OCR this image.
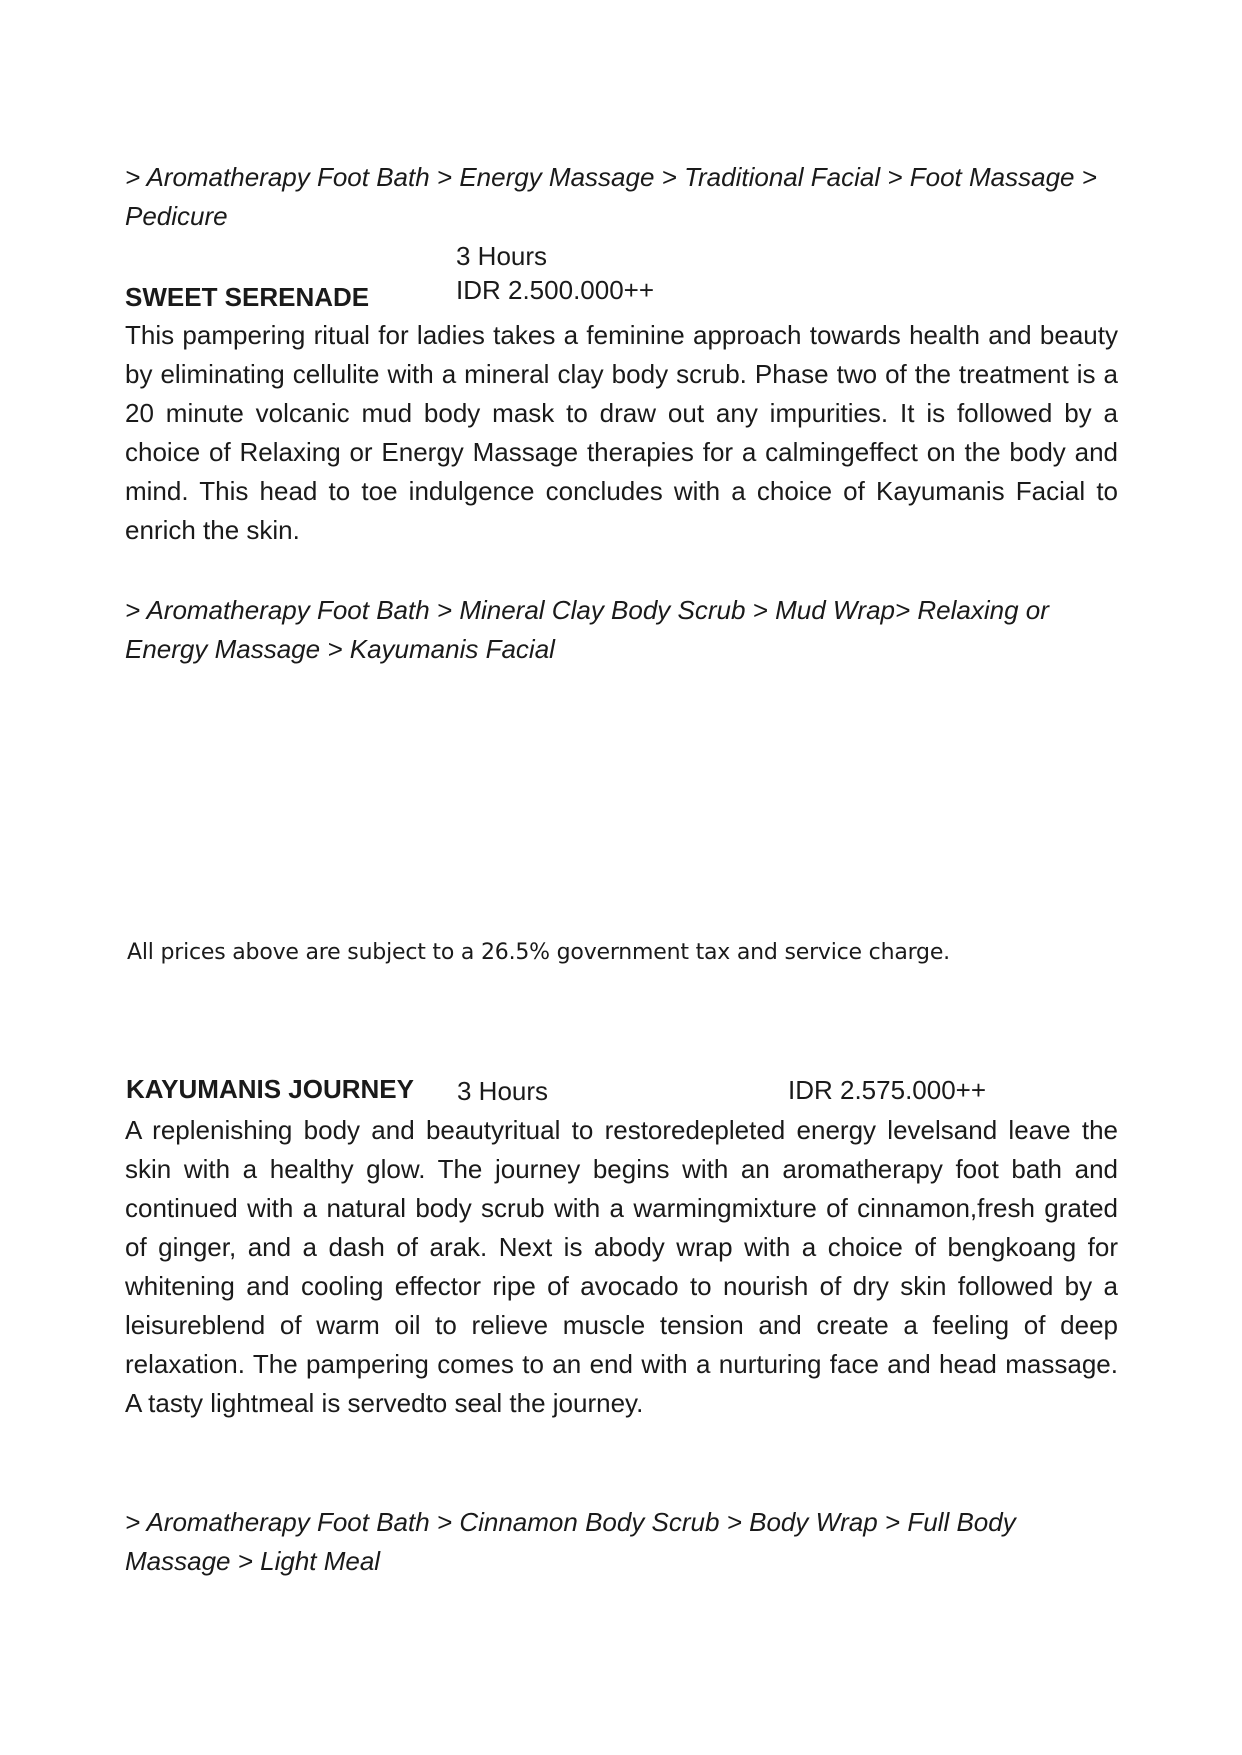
> Aromatherapy Foot Bath > Energy Massage > Traditional Facial > Foot Massage > Pedicure
3 Hours
SWEET SERENADE	IDR 2.500.000++
This pampering ritual for ladies takes a feminine approach towards health and beauty by eliminating cellulite with a mineral clay body scrub. Phase two of the treatment is a 20 minute volcanic mud body mask to draw out any impurities. It is followed by a choice of Relaxing or Energy Massage therapies for a calmingeffect on the body and mind. This head to toe indulgence concludes with a choice of Kayumanis Facial to enrich the skin.
> Aromatherapy Foot Bath > Mineral Clay Body Scrub > Mud Wrap> Relaxing or Energy Massage > Kayumanis Facial
All prices above are subject to a 26.5% government tax and service charge.
KAYUMANIS JOURNEY 3 Hours	IDR 2.575.000++
A replenishing body and beautyritual to restoredepleted energy levelsand leave the skin with a healthy glow. The journey begins with an aromatherapy foot bath and continued with a natural body scrub with a warmingmixture of cinnamon,fresh grated of ginger, and a dash of arak. Next is abody wrap with a choice of bengkoang for whitening and cooling effector ripe of avocado to nourish of dry skin followed by a leisureblend of warm oil to relieve muscle tension and create a feeling of deep relaxation. The pampering comes to an end with a nurturing face and head massage. A tasty lightmeal is servedto seal the journey.
> Aromatherapy Foot Bath > Cinnamon Body Scrub > Body Wrap > Full Body Massage > Light Meal
